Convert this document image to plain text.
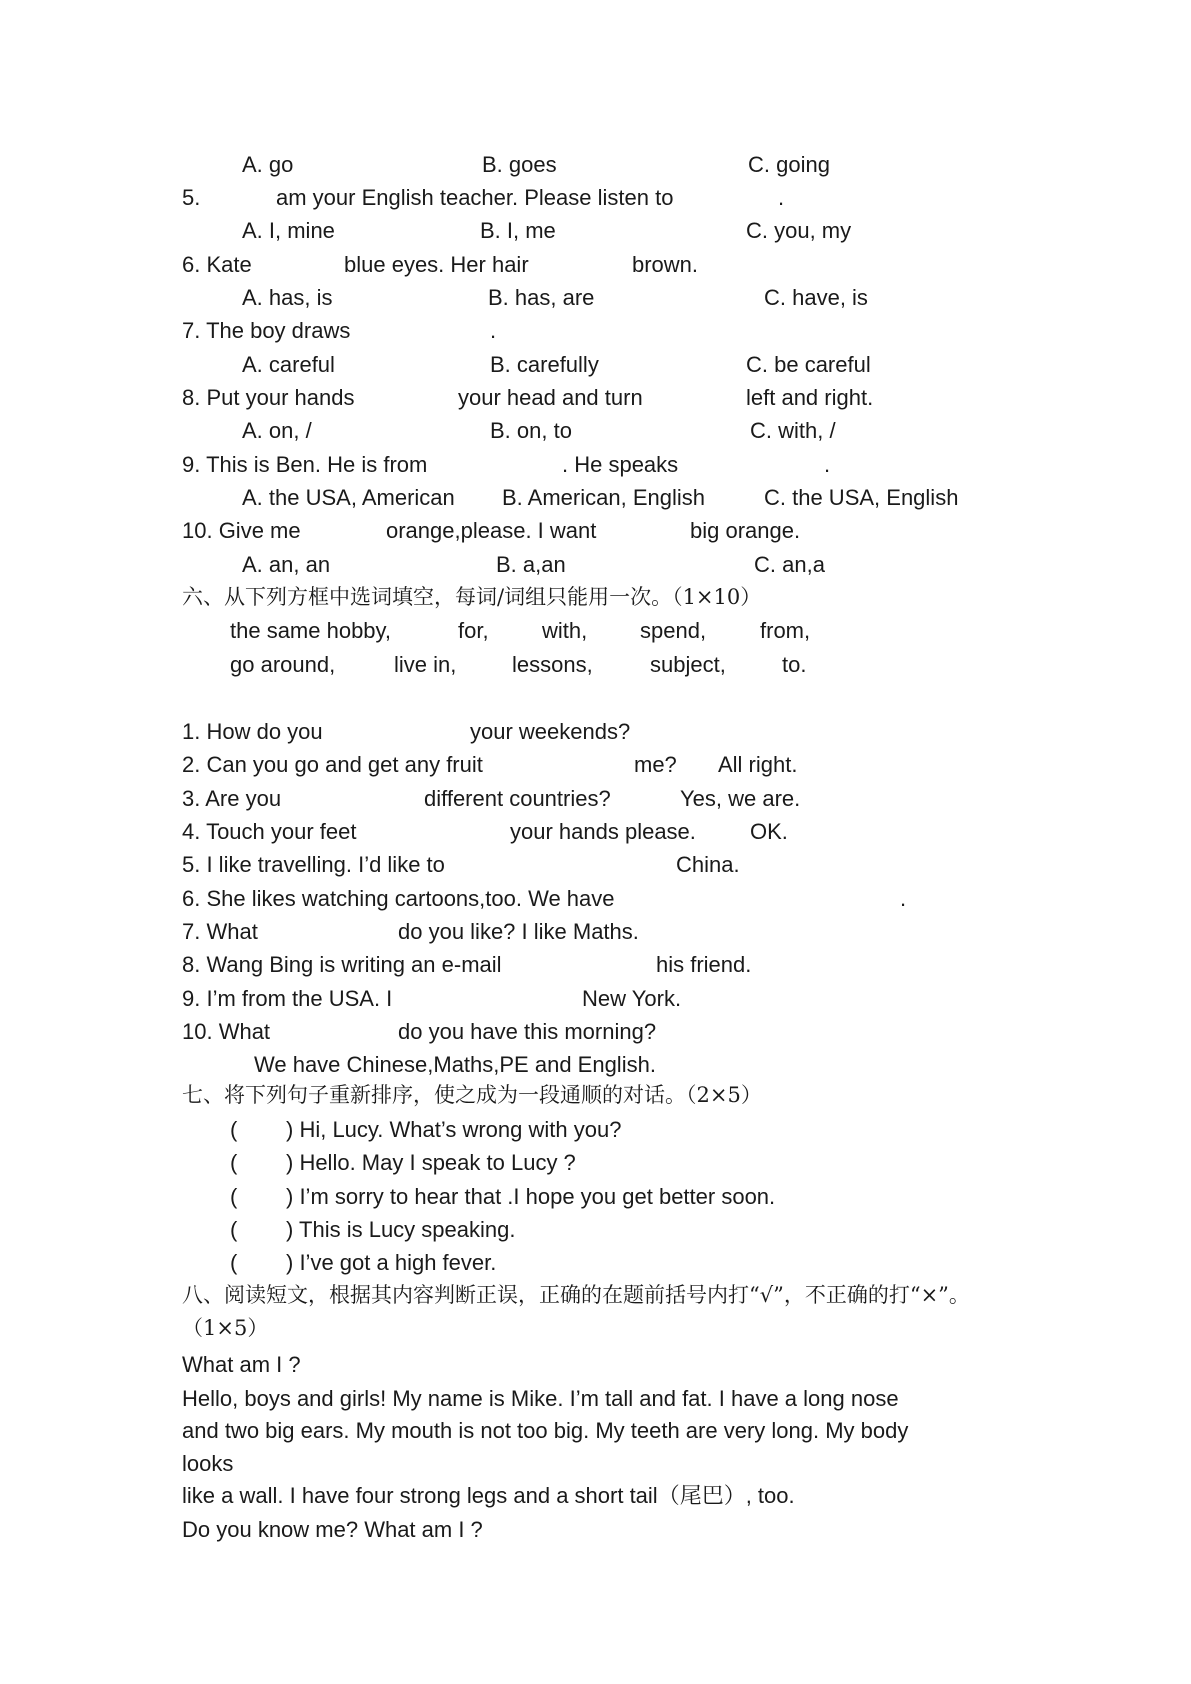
A. go	B. goes	C. going
5.	am your English teacher. Please listen to	.
A. I, mine	B. I, me	C. you, my
6. Kate	blue eyes. Her hair	brown.
A. has, is	B. has, are	C. have, is
7. The boy draws	.
A. careful	B. carefully	C. be careful
8. Put your hands	your head and turn	left and right.
A. on, /	B. on, to	C. with, /
9. This is Ben. He is from	. He speaks	.
A. the USA, American B. American, English	C. the USA, English
10. Give me	orange,please. I want	big orange.
A. an, an	B. a,an	C. an,a
六、从下列方框中选词填空，每词/词组只能用一次。（1×10）
the same hobby,	for, with, spend, from,
go around,	live in,	lessons,	subject,	to.
1. How do you	your weekends?
2. Can you go and get any fruit	me? All right.
3. Are you	different countries?	Yes, we are.
4. Touch your feet	your hands please. OK.
5. I like travelling. I’d like to	China.
6. She likes watching cartoons,too. We have	.
7. What	do you like? I like Maths.
8. Wang Bing is writing an e-mail	his friend.
9. I’m from the USA. I	New York.
10. What	do you have this morning?
We have Chinese,Maths,PE and English.
七、将下列句子重新排序，使之成为一段通顺的对话。（2×5）
( ) Hi, Lucy. What’s wrong with you?
( ) Hello. May I speak to Lucy ?
( ) I’m sorry to hear that .I hope you get better soon.
( ) This is Lucy speaking.
( ) I’ve got a high fever.
八、阅读短文，根据其内容判断正误，正确的在题前括号内打“√”，不正确的打“×”。
（1×5）
What am I ?
Hello, boys and girls! My name is Mike. I’m tall and fat. I have a long nose
and two big ears. My mouth is not too big. My teeth are very long. My body
looks
like a wall. I have four strong legs and a short tail（尾巴）, too.
Do you know me? What am I ?
